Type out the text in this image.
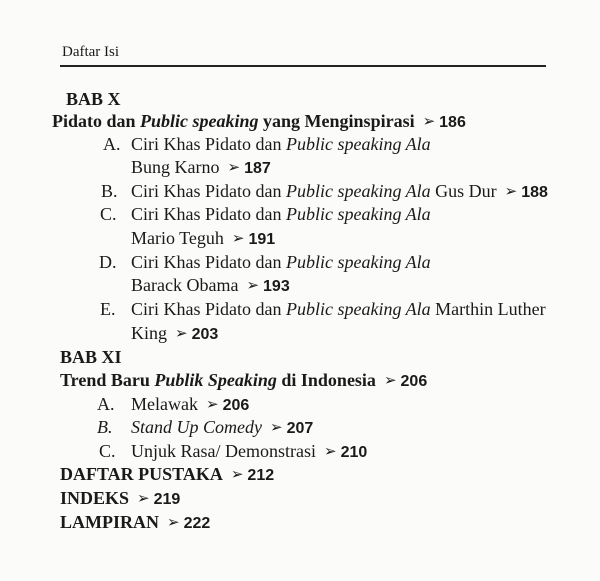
Daftar Isi
BAB X
Pidato dan Public speaking yang Menginspirasi ➢ 186
A. Ciri Khas Pidato dan Public speaking Ala
Bung Karno ➢ 187
B. Ciri Khas Pidato dan Public speaking Ala Gus Dur ➢ 188
C. Ciri Khas Pidato dan Public speaking Ala
Mario Teguh ➢ 191
D. Ciri Khas Pidato dan Public speaking Ala
Barack Obama ➢ 193
E. Ciri Khas Pidato dan Public speaking Ala Marthin Luther
King ➢ 203
BAB XI
Trend Baru Publik Speaking di Indonesia ➢ 206
A. Melawak ➢ 206
B. Stand Up Comedy ➢ 207
C. Unjuk Rasa/ Demonstrasi ➢ 210
DAFTAR PUSTAKA ➢ 212
INDEKS ➢ 219
LAMPIRAN ➢ 222
